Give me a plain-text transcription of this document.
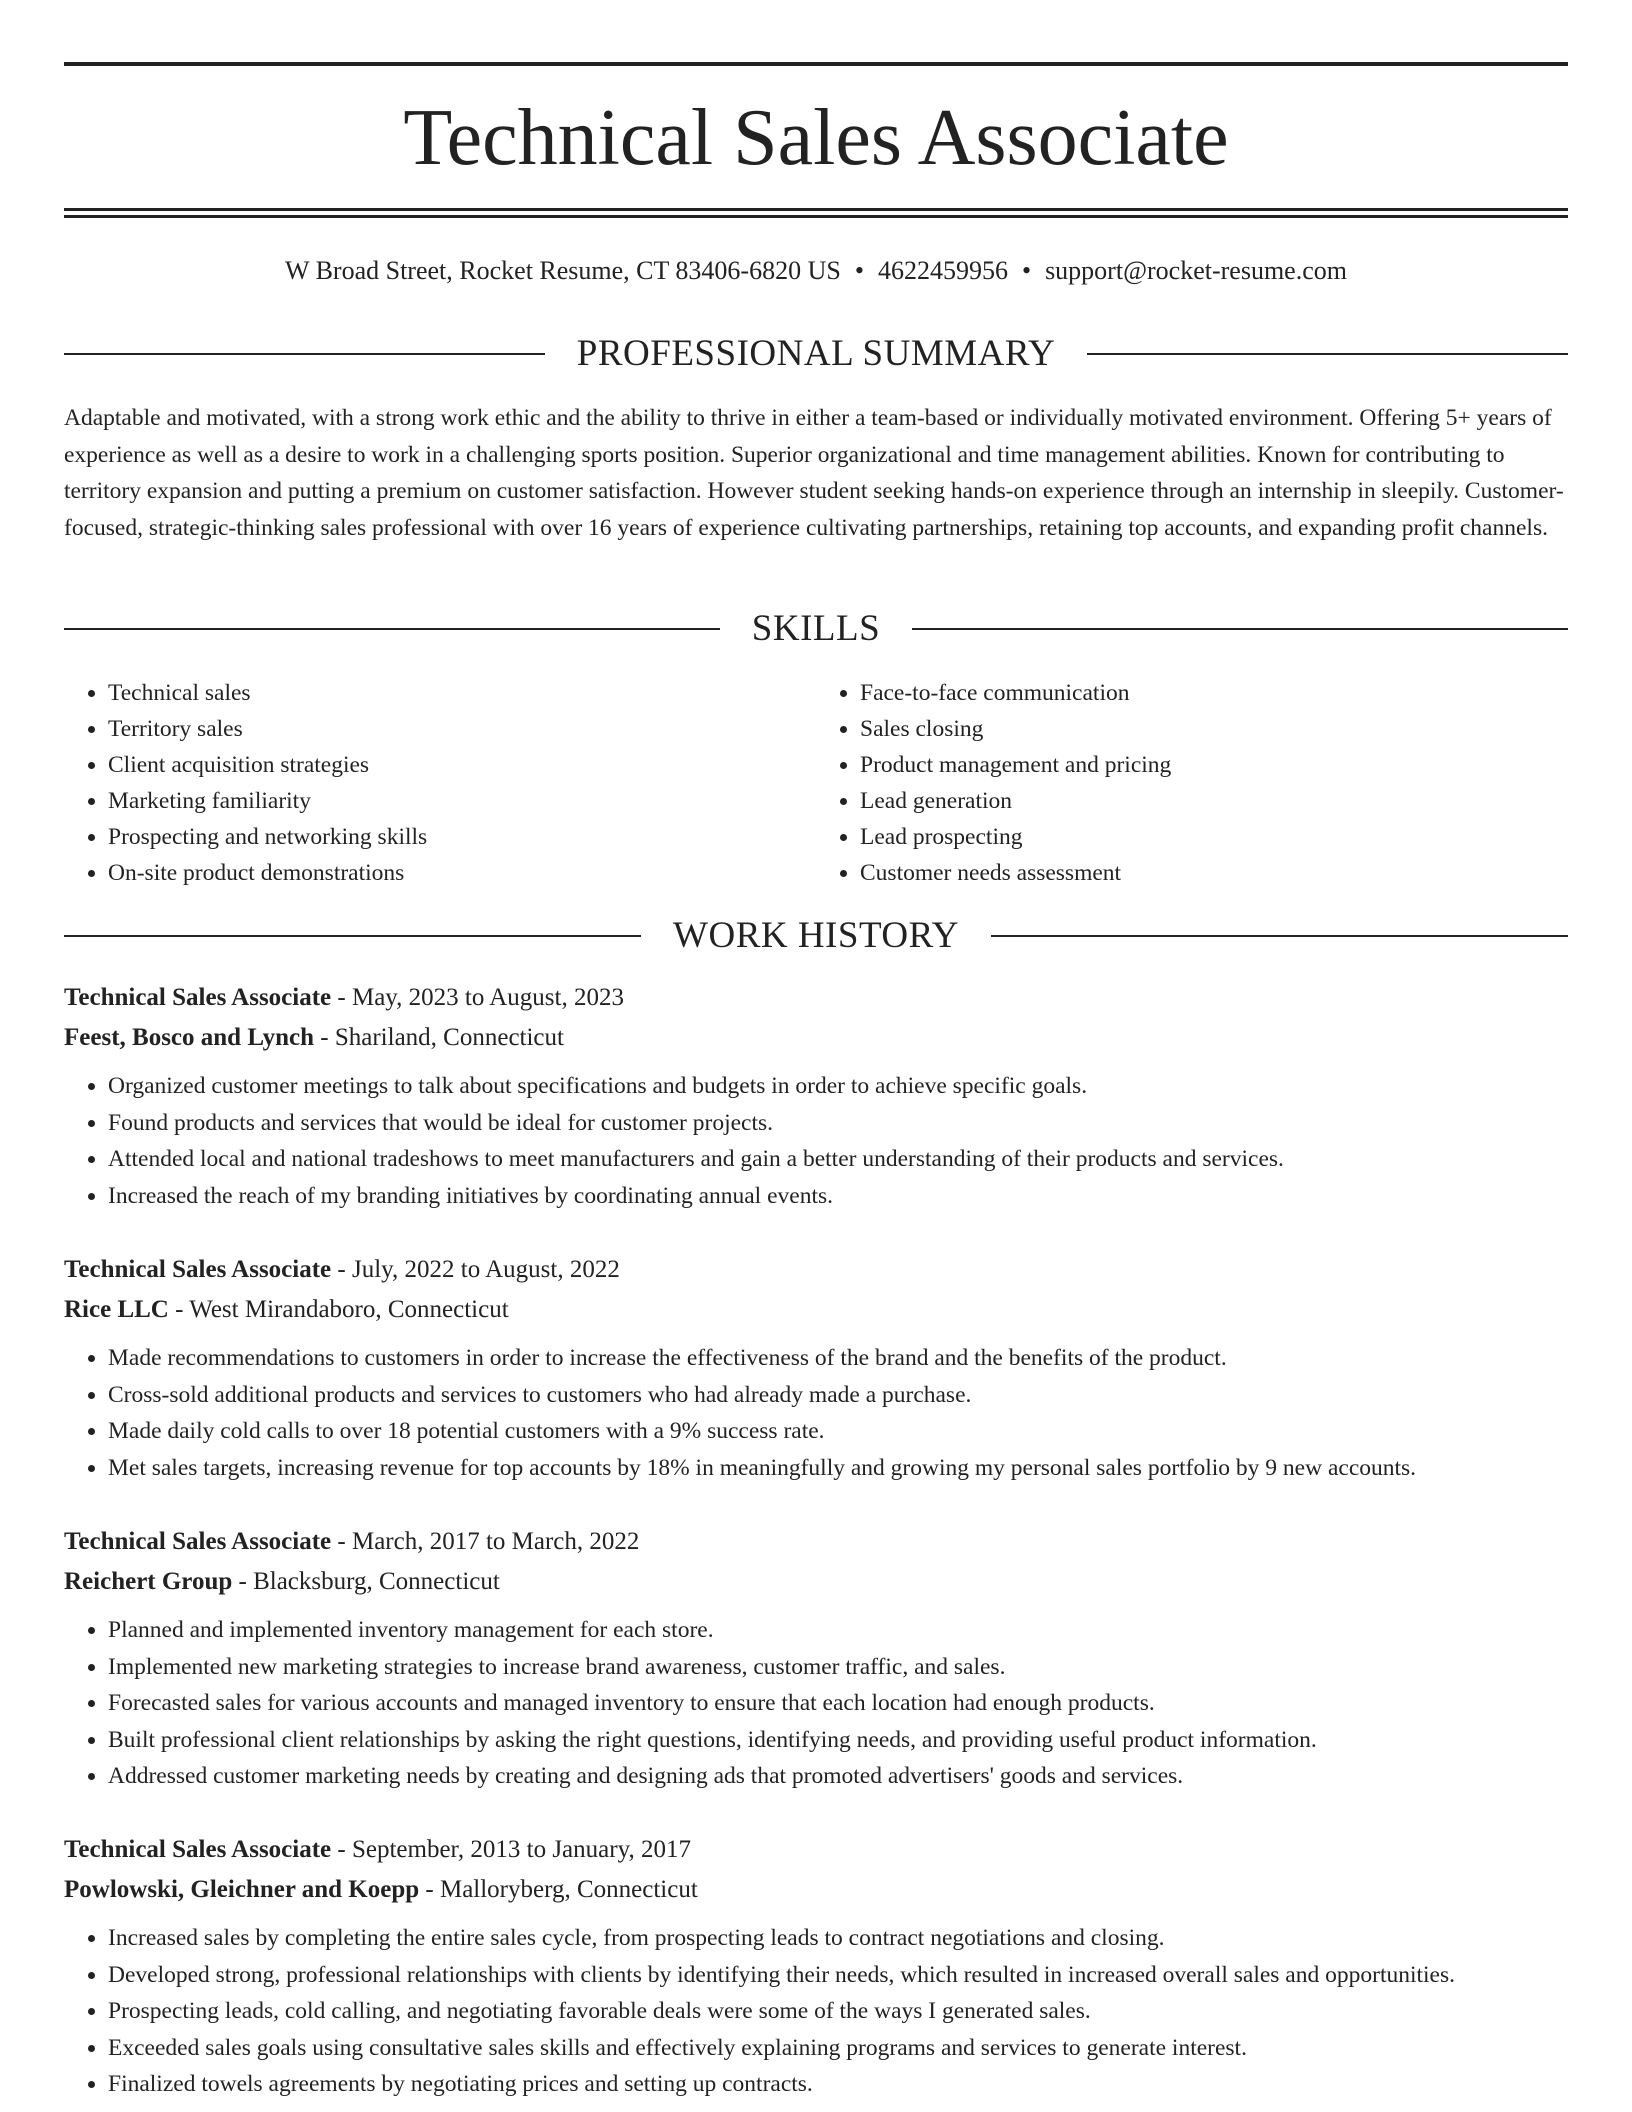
Technical Sales Associate
W Broad Street, Rocket Resume, CT 83406-6820 US • 4622459956 • support@rocket-resume.com
PROFESSIONAL SUMMARY

Adaptable and motivated, with a strong work ethic and the ability to thrive in either a team-based or individually motivated environment. Offering 5+ years of experience as well as a desire to work in a challenging sports position. Superior organizational and time management abilities. Known for contributing to territory expansion and putting a premium on customer satisfaction. However student seeking hands-on experience through an internship in sleepily. Customer-focused, strategic-thinking sales professional with over 16 years of experience cultivating partnerships, retaining top accounts, and expanding profit channels.

SKILLS
• Technical sales
• Territory sales
• Client acquisition strategies
• Marketing familiarity
• Prospecting and networking skills
• On-site product demonstrations
• Face-to-face communication
• Sales closing
• Product management and pricing
• Lead generation
• Lead prospecting
• Customer needs assessment
WORK HISTORY
Technical Sales Associate - May, 2023 to August, 2023
Feest, Bosco and Lynch - Shariland, Connecticut
• Organized customer meetings to talk about specifications and budgets in order to achieve specific goals.
• Found products and services that would be ideal for customer projects.
• Attended local and national tradeshows to meet manufacturers and gain a better understanding of their products and services.
• Increased the reach of my branding initiatives by coordinating annual events.
Technical Sales Associate - July, 2022 to August, 2022
Rice LLC - West Mirandaboro, Connecticut
• Made recommendations to customers in order to increase the effectiveness of the brand and the benefits of the product.
• Cross-sold additional products and services to customers who had already made a purchase.
• Made daily cold calls to over 18 potential customers with a 9% success rate.
• Met sales targets, increasing revenue for top accounts by 18% in meaningfully and growing my personal sales portfolio by 9 new accounts.
Technical Sales Associate - March, 2017 to March, 2022
Reichert Group - Blacksburg, Connecticut
• Planned and implemented inventory management for each store.
• Implemented new marketing strategies to increase brand awareness, customer traffic, and sales.
• Forecasted sales for various accounts and managed inventory to ensure that each location had enough products.
• Built professional client relationships by asking the right questions, identifying needs, and providing useful product information.
• Addressed customer marketing needs by creating and designing ads that promoted advertisers' goods and services.
Technical Sales Associate - September, 2013 to January, 2017
Powlowski, Gleichner and Koepp - Malloryberg, Connecticut
• Increased sales by completing the entire sales cycle, from prospecting leads to contract negotiations and closing.
• Developed strong, professional relationships with clients by identifying their needs, which resulted in increased overall sales and opportunities.
• Prospecting leads, cold calling, and negotiating favorable deals were some of the ways I generated sales.
• Exceeded sales goals using consultative sales skills and effectively explaining programs and services to generate interest.
• Finalized towels agreements by negotiating prices and setting up contracts.
